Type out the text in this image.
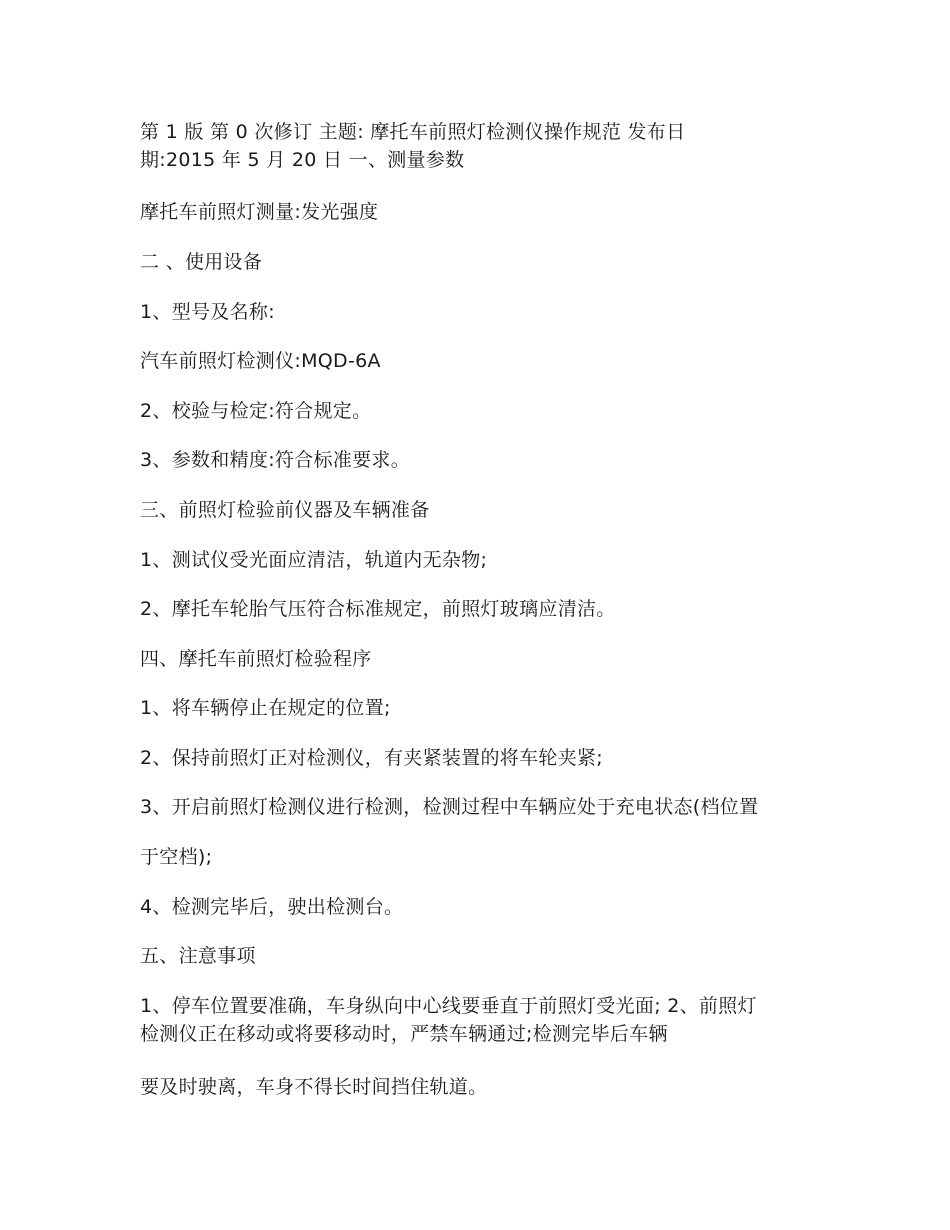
第 1 版 第 0 次修订 主题: 摩托车前照灯检测仪操作规范 发布日

期:2015 年 5 月 20 日 一、测量参数

摩托车前照灯测量:发光强度

二 、使用设备

1、型号及名称:

汽车前照灯检测仪:MQD-6A

2、校验与检定:符合规定。

3、参数和精度:符合标准要求。

三、前照灯检验前仪器及车辆准备

1、测试仪受光面应清洁，轨道内无杂物;

2、摩托车轮胎气压符合标准规定，前照灯玻璃应清洁。

四、摩托车前照灯检验程序

1、将车辆停止在规定的位置;

2、保持前照灯正对检测仪，有夹紧装置的将车轮夹紧;

3、开启前照灯检测仪进行检测，检测过程中车辆应处于充电状态(档位置

于空档);

4、检测完毕后，驶出检测台。

五、注意事项

1、停车位置要准确，车身纵向中心线要垂直于前照灯受光面; 2、前照灯

检测仪正在移动或将要移动时，严禁车辆通过;检测完毕后车辆

要及时驶离，车身不得长时间挡住轨道。
